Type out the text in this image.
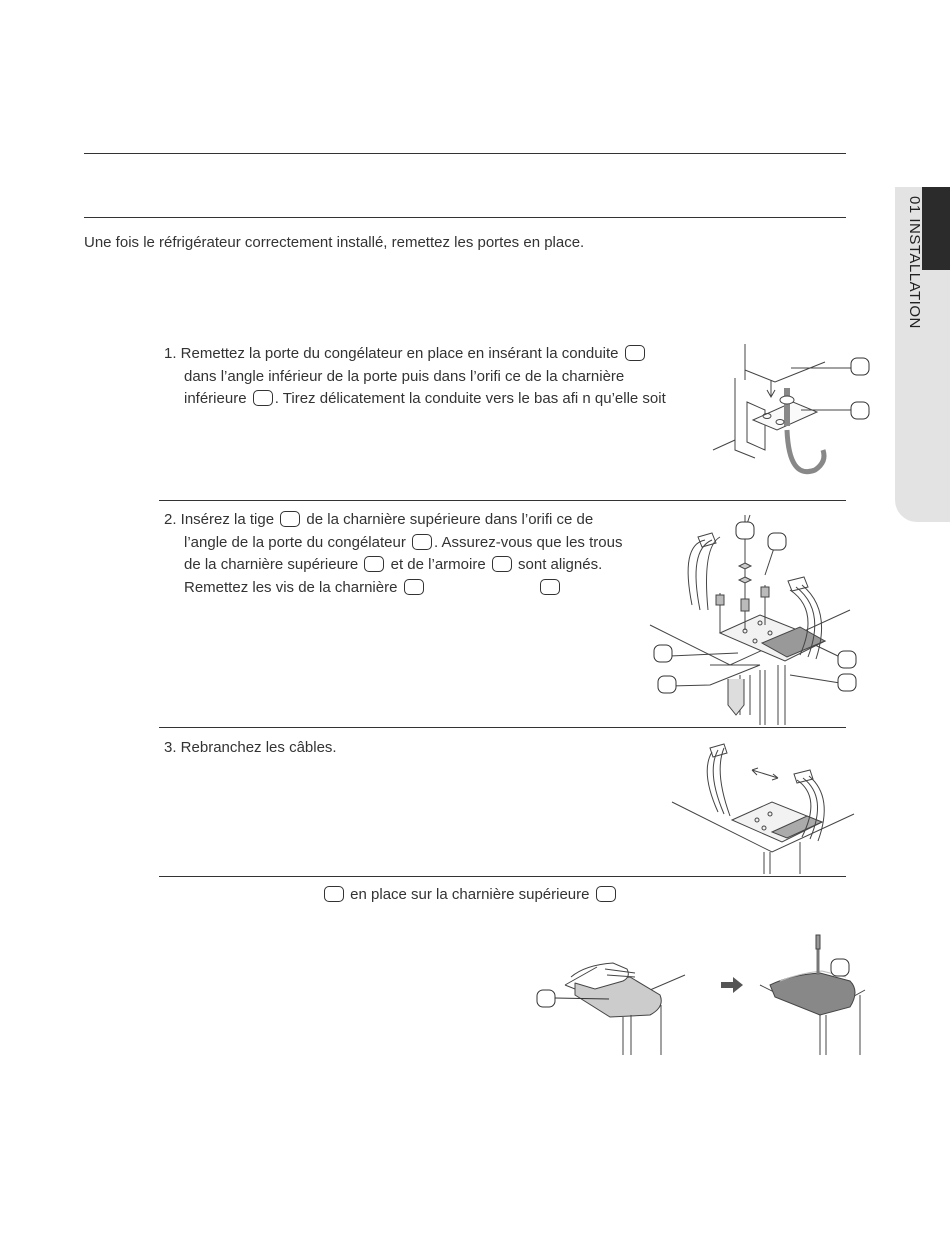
01 INSTALLATION
Une fois le réfrigérateur correctement installé, remettez les portes en place.
1. Remettez la porte du congélateur en place en insérant la conduite
dans l’angle inférieur de la porte puis dans l’orifi ce de la charnière
inférieure . Tirez délicatement la conduite vers le bas afi n qu’elle soit
2. Insérez la tige de la charnière supérieure dans l’orifi ce de
l’angle de la porte du congélateur . Assurez-vous que les trous
de la charnière supérieure et de l’armoire sont alignés.
Remettez les vis de la charnière
3. Rebranchez les câbles.
en place sur la charnière supérieure
